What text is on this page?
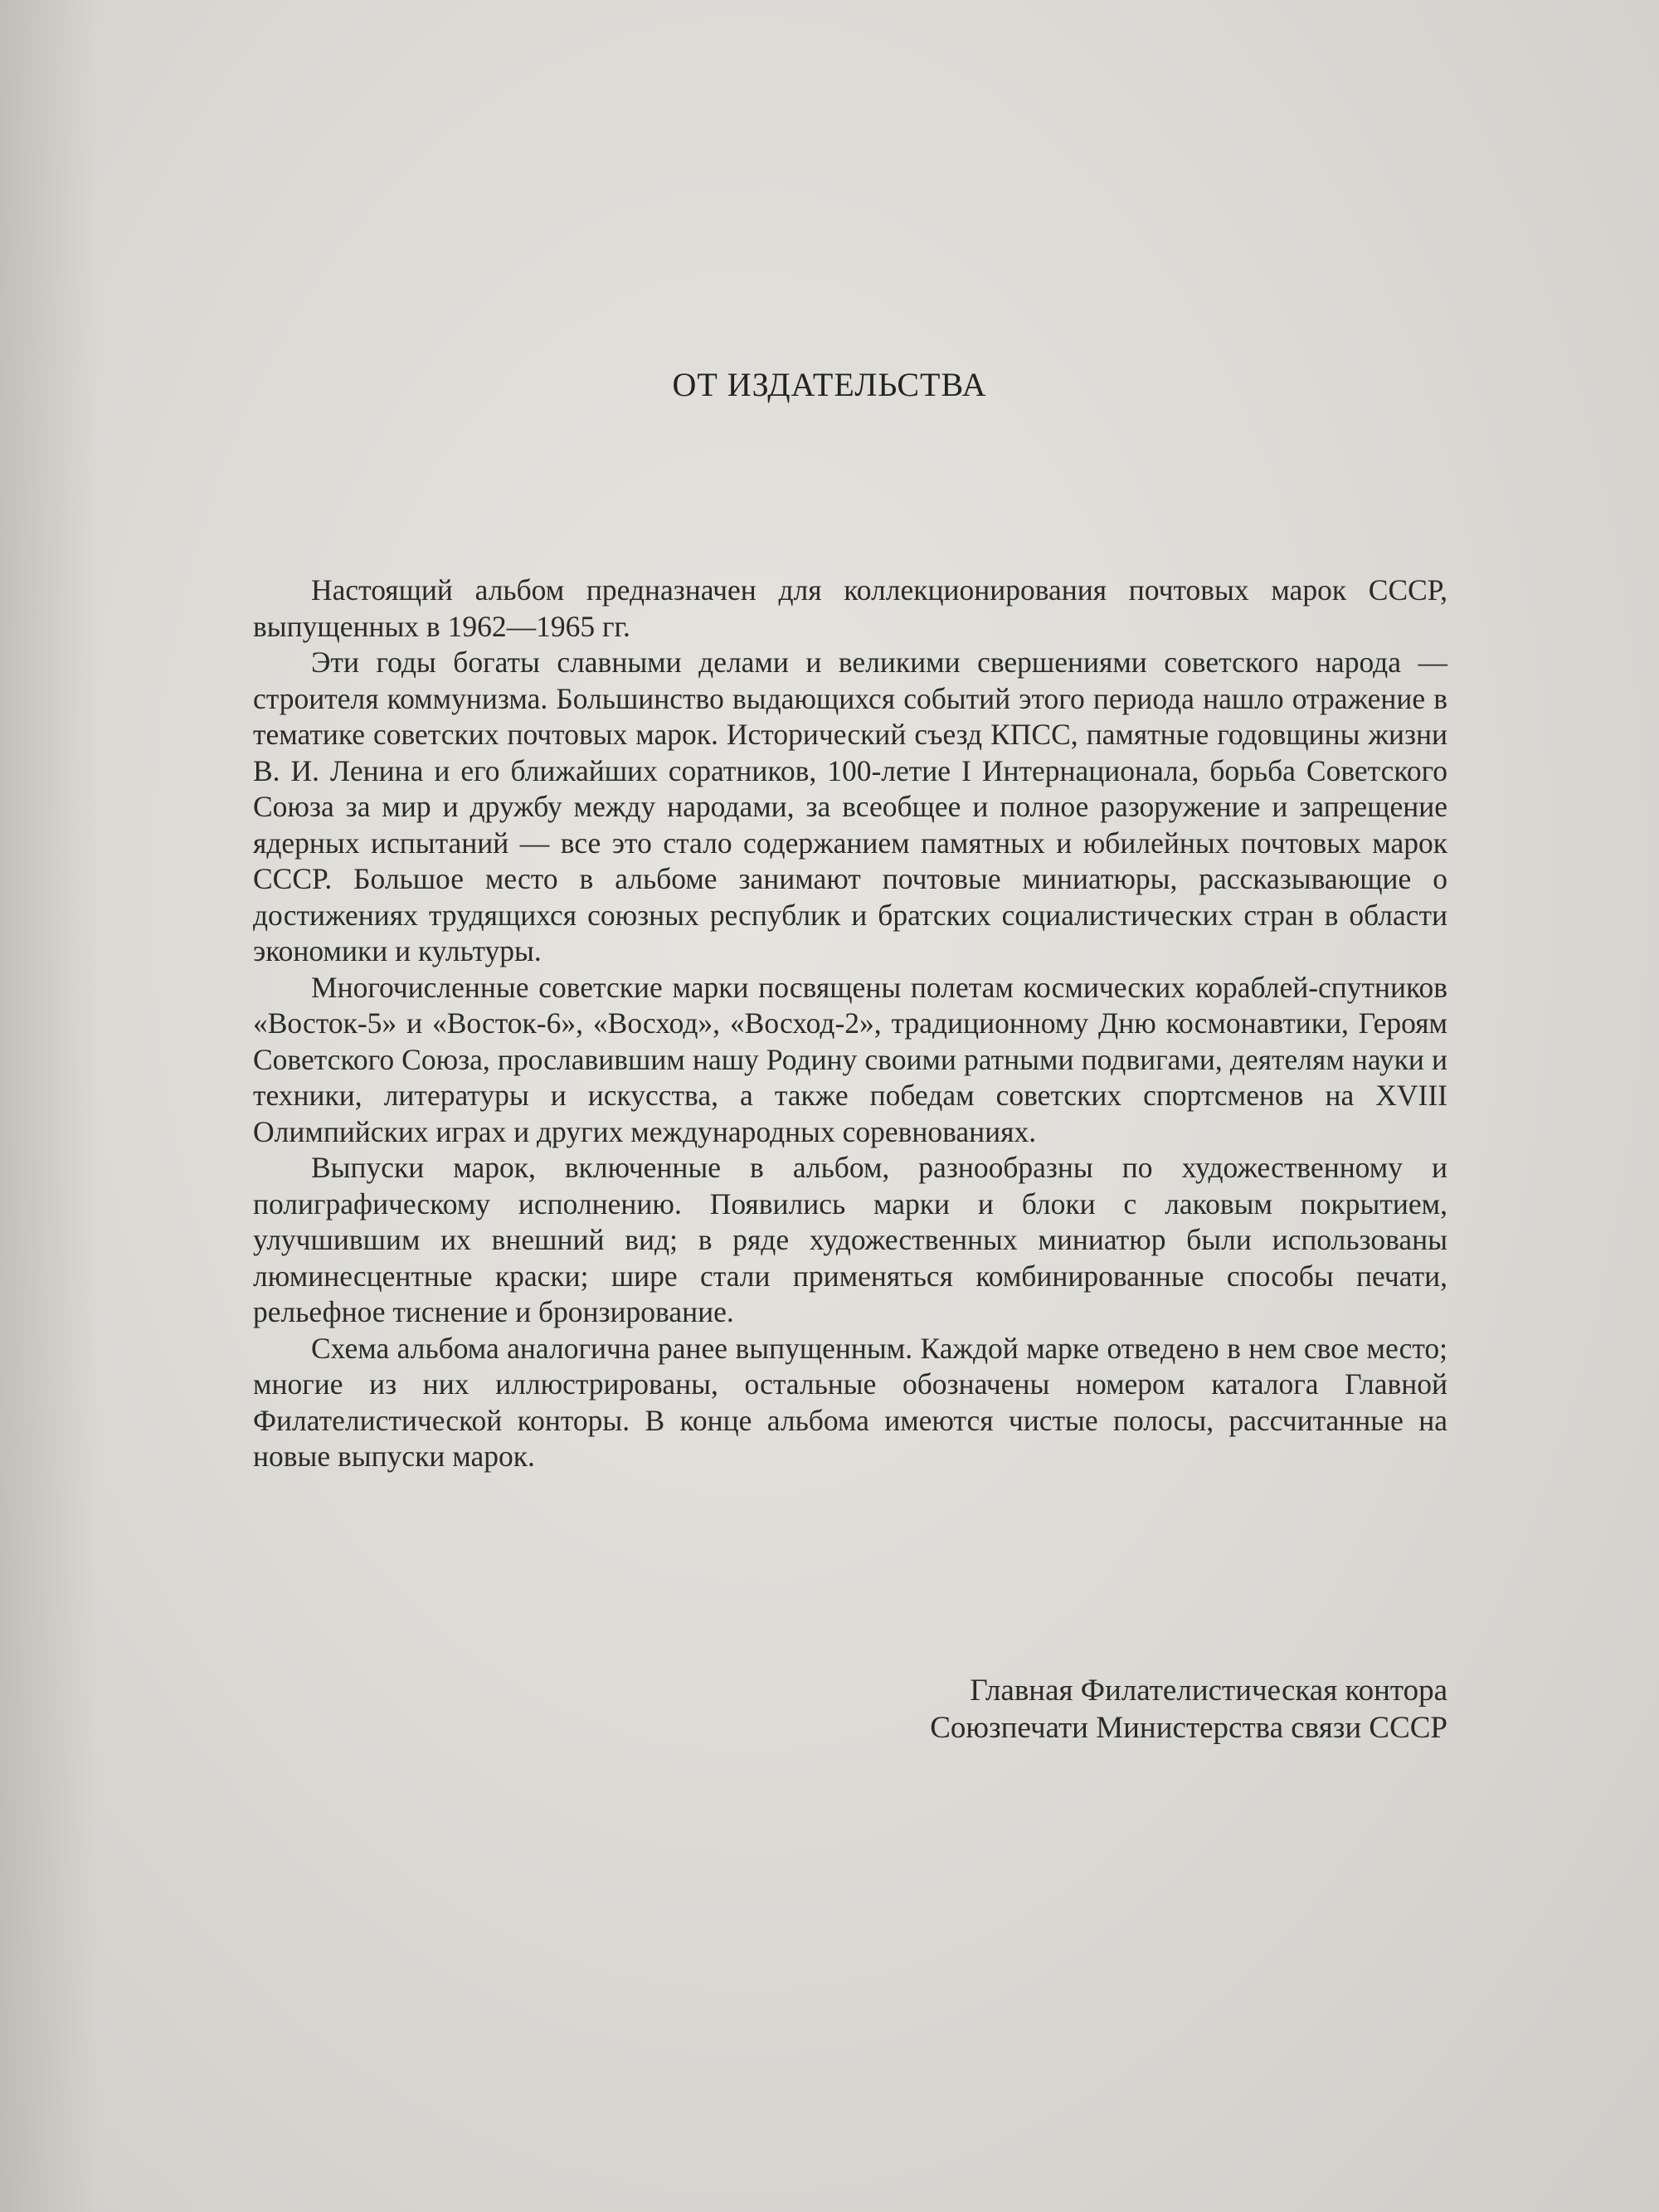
ОТ ИЗДАТЕЛЬСТВА

Настоящий альбом предназначен для коллекционирования почтовых марок СССР, выпущенных в 1962—1965 гг.

Эти годы богаты славными делами и великими свершениями советского народа — строителя коммунизма. Большинство выдающихся событий этого периода нашло отражение в тематике советских почтовых марок. Исторический съезд КПСС, памятные годовщины жизни В. И. Ленина и его ближайших соратников, 100-летие I Интернационала, борьба Советского Союза за мир и дружбу между народами, за всеобщее и полное разоружение и запрещение ядерных испытаний — все это стало содержанием памятных и юбилейных почтовых марок СССР. Большое место в альбоме занимают почтовые миниатюры, рассказывающие о достижениях трудящихся союзных республик и братских социалистических стран в области экономики и культуры.

Многочисленные советские марки посвящены полетам космических кораблей-спутников «Восток-5» и «Восток-6», «Восход», «Восход-2», традиционному Дню космонавтики, Героям Советского Союза, прославившим нашу Родину своими ратными подвигами, деятелям науки и техники, литературы и искусства, а также победам советских спортсменов на XVIII Олимпийских играх и других международных соревнованиях.

Выпуски марок, включенные в альбом, разнообразны по художественному и полиграфическому исполнению. Появились марки и блоки с лаковым покрытием, улучшившим их внешний вид; в ряде художественных миниатюр были использованы люминесцентные краски; шире стали применяться комбинированные способы печати, рельефное тиснение и бронзирование.

Схема альбома аналогична ранее выпущенным. Каждой марке отведено в нем свое место; многие из них иллюстрированы, остальные обозначены номером каталога Главной Филателистической конторы. В конце альбома имеются чистые полосы, рассчитанные на новые выпуски марок.

Главная Филателистическая контора
Союзпечати Министерства связи СССР
